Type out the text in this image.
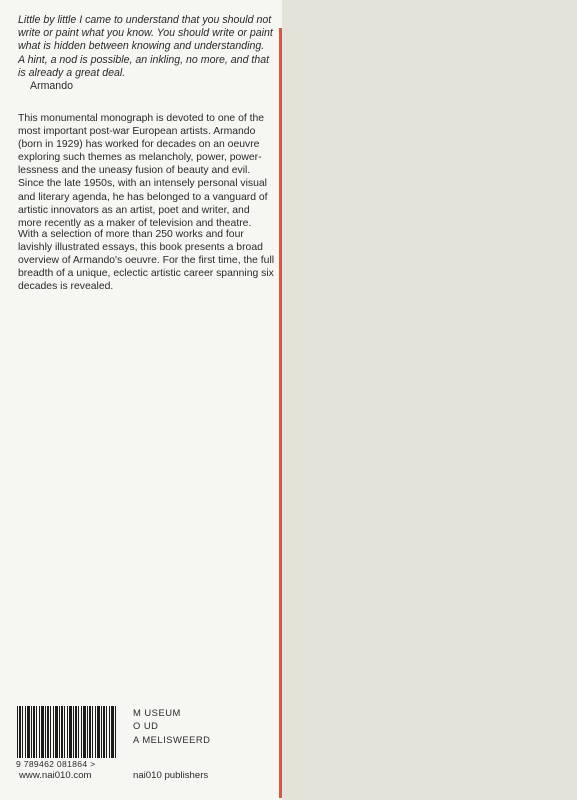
Little by little I came to understand that you should not write or paint what you know. You should write or paint what is hidden between knowing and understanding. A hint, a nod is possible, an inkling, no more, and that is already a great deal.

Armando

This monumental monograph is devoted to one of the most important post-war European artists. Armando (born in 1929) has worked for decades on an oeuvre exploring such themes as melancholy, power, power-lessness and the uneasy fusion of beauty and evil. Since the late 1950s, with an intensely personal visual and literary agenda, he has belonged to a vanguard of artistic innovators as an artist, poet and writer, and more recently as a maker of television and theatre.

With a selection of more than 250 works and four lavishly illustrated essays, this book presents a broad overview of Armando's oeuvre. For the first time, the full breadth of a unique, eclectic artistic career spanning six decades is revealed.

9 789462 081864 >
www.nai010.com
M USEUM
O UD
A MELISWEERD
nai010 publishers
